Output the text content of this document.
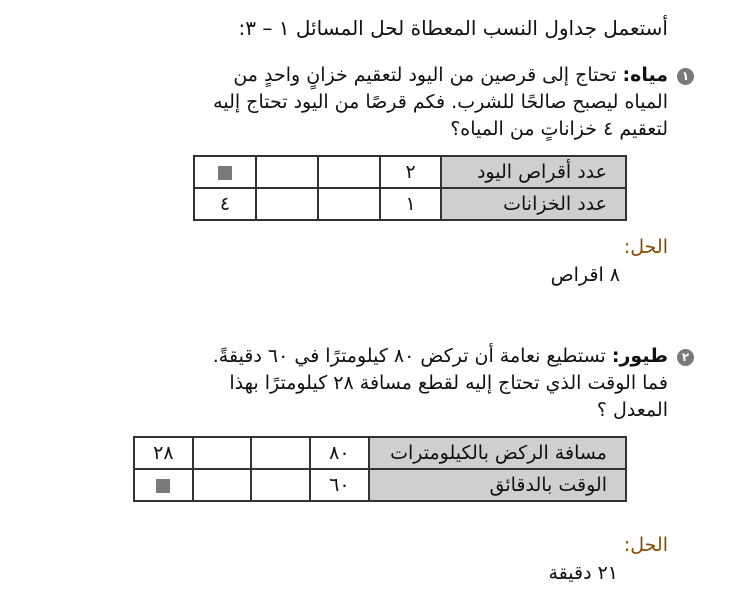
أستعمل جداول النسب المعطاة لحل المسائل ١ – ٣:
١
مياه: تحتاج إلى قرصين من اليود لتعقيم خزانٍ واحدٍ من
المياه ليصبح صالحًا للشرب. فكم قرصًا من اليود تحتاج إليه
لتعقيم ٤ خزاناتٍ من المياه؟
عدد أقراص اليود	٢			
عدد الخزانات	١			٤
الحل:
٨ اقراص
٢
طيور: تستطيع نعامة أن تركض ٨٠ كيلومترًا في ٦٠ دقيقةً.
فما الوقت الذي تحتاج إليه لقطع مسافة ٢٨ كيلومترًا بهذا
المعدل ؟
مسافة الركض بالكيلومترات	٨٠			٢٨
الوقت بالدقائق	٦٠			
الحل:
٢١ دقيقة
